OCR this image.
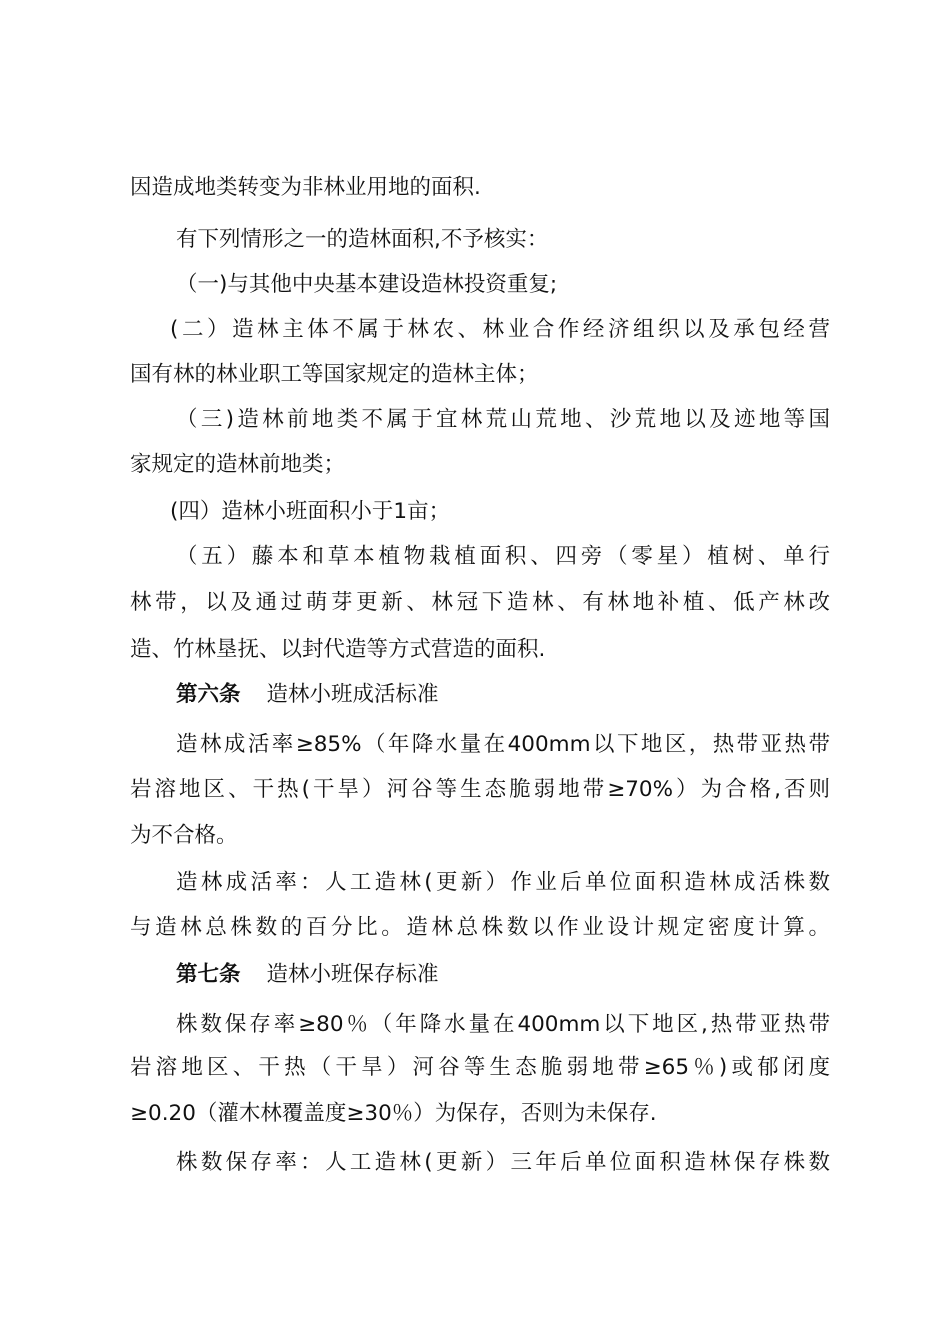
因造成地类转变为非林业用地的面积.
有下列情形之一的造林面积,不予核实：
（一)与其他中央基本建设造林投资重复;
(二）造林主体不属于林农、林业合作经济组织以及承包经营
国有林的林业职工等国家规定的造林主体；
（三)造林前地类不属于宜林荒山荒地、沙荒地以及迹地等国
家规定的造林前地类；
(四）造林小班面积小于1亩；
（五）藤本和草本植物栽植面积、四旁（零星）植树、单行
林带，以及通过萌芽更新、林冠下造林、有林地补植、低产林改
造、竹林垦抚、以封代造等方式营造的面积.
第六条 造林小班成活标准
造林成活率≥85%（年降水量在400mm以下地区，热带亚热带
岩溶地区、干热(干旱）河谷等生态脆弱地带≥70%）为合格,否则
为不合格。
造林成活率：人工造林(更新）作业后单位面积造林成活株数
与造林总株数的百分比。造林总株数以作业设计规定密度计算。
第七条 造林小班保存标准
株数保存率≥80％（年降水量在400mm以下地区,热带亚热带
岩溶地区、干热（干旱）河谷等生态脆弱地带≥65％)或郁闭度
≥0.20（灌木林覆盖度≥30％）为保存，否则为未保存.
株数保存率：人工造林(更新）三年后单位面积造林保存株数
